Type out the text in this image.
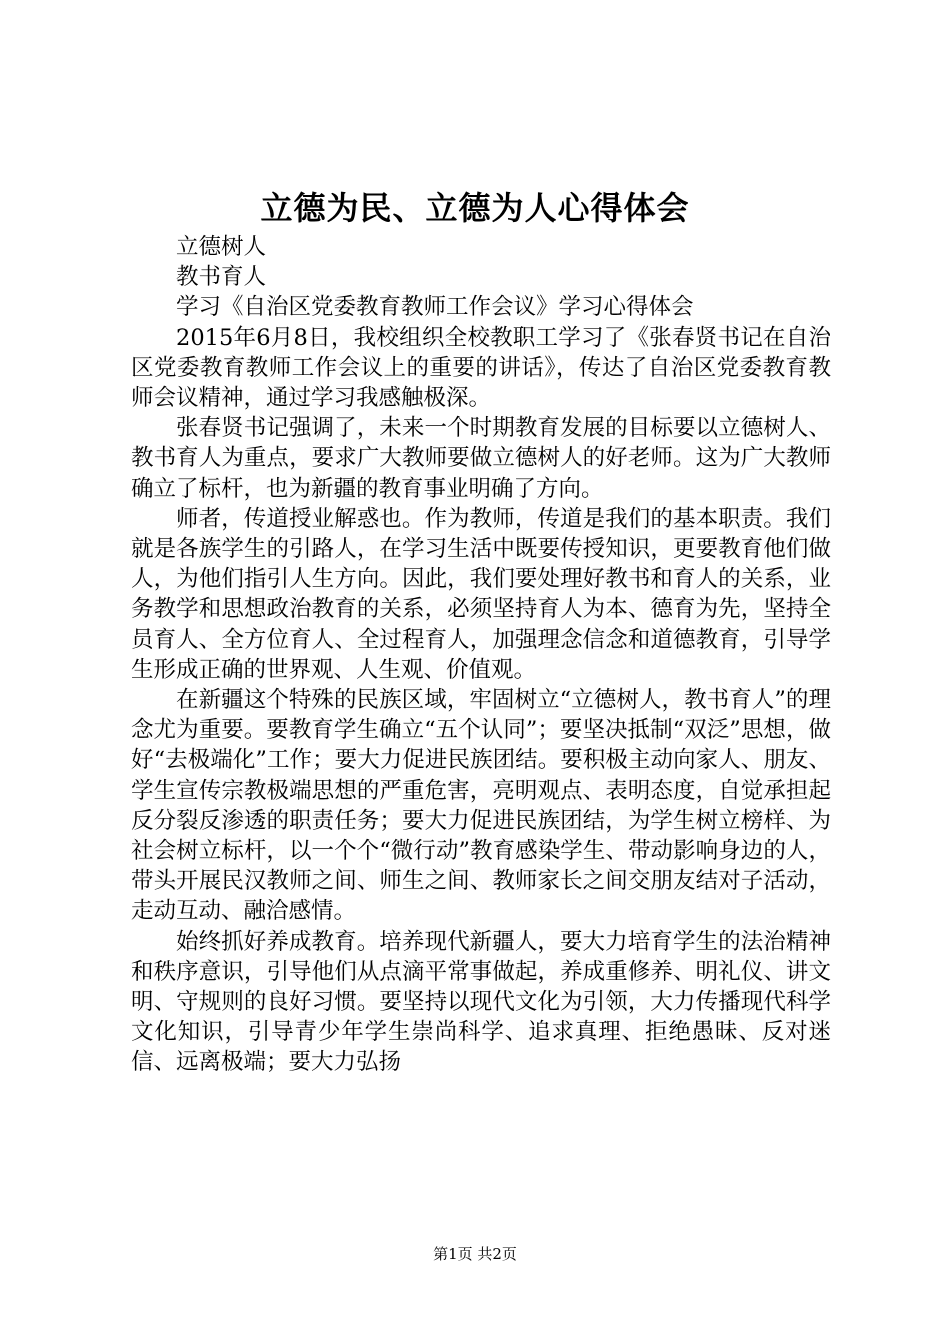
立德为民、立德为人心得体会

立德树人

教书育人

学习《自治区党委教育教师工作会议》学习心得体会

2015年6月8日，我校组织全校教职工学习了《张春贤书记在自治区党委教育教师工作会议上的重要的讲话》，传达了自治区党委教育教师会议精神，通过学习我感触极深。

张春贤书记强调了，未来一个时期教育发展的目标要以立德树人、教书育人为重点，要求广大教师要做立德树人的好老师。这为广大教师确立了标杆，也为新疆的教育事业明确了方向。

师者，传道授业解惑也。作为教师，传道是我们的基本职责。我们就是各族学生的引路人，在学习生活中既要传授知识，更要教育他们做人，为他们指引人生方向。因此，我们要处理好教书和育人的关系，业务教学和思想政治教育的关系，必须坚持育人为本、德育为先，坚持全员育人、全方位育人、全过程育人，加强理念信念和道德教育，引导学生形成正确的世界观、人生观、价值观。

在新疆这个特殊的民族区域，牢固树立“立德树人，教书育人”的理念尤为重要。要教育学生确立“五个认同”；要坚决抵制“双泛”思想，做好“去极端化”工作；要大力促进民族团结。要积极主动向家人、朋友、学生宣传宗教极端思想的严重危害，亮明观点、表明态度，自觉承担起反分裂反渗透的职责任务；要大力促进民族团结，为学生树立榜样、为社会树立标杆，以一个个“微行动”教育感染学生、带动影响身边的人，带头开展民汉教师之间、师生之间、教师家长之间交朋友结对子活动，走动互动、融洽感情。

始终抓好养成教育。培养现代新疆人，要大力培育学生的法治精神和秩序意识，引导他们从点滴平常事做起，养成重修养、明礼仪、讲文明、守规则的良好习惯。要坚持以现代文化为引领，大力传播现代科学文化知识，引导青少年学生崇尚科学、追求真理、拒绝愚昧、反对迷信、远离极端；要大力弘扬

第1页 共2页
